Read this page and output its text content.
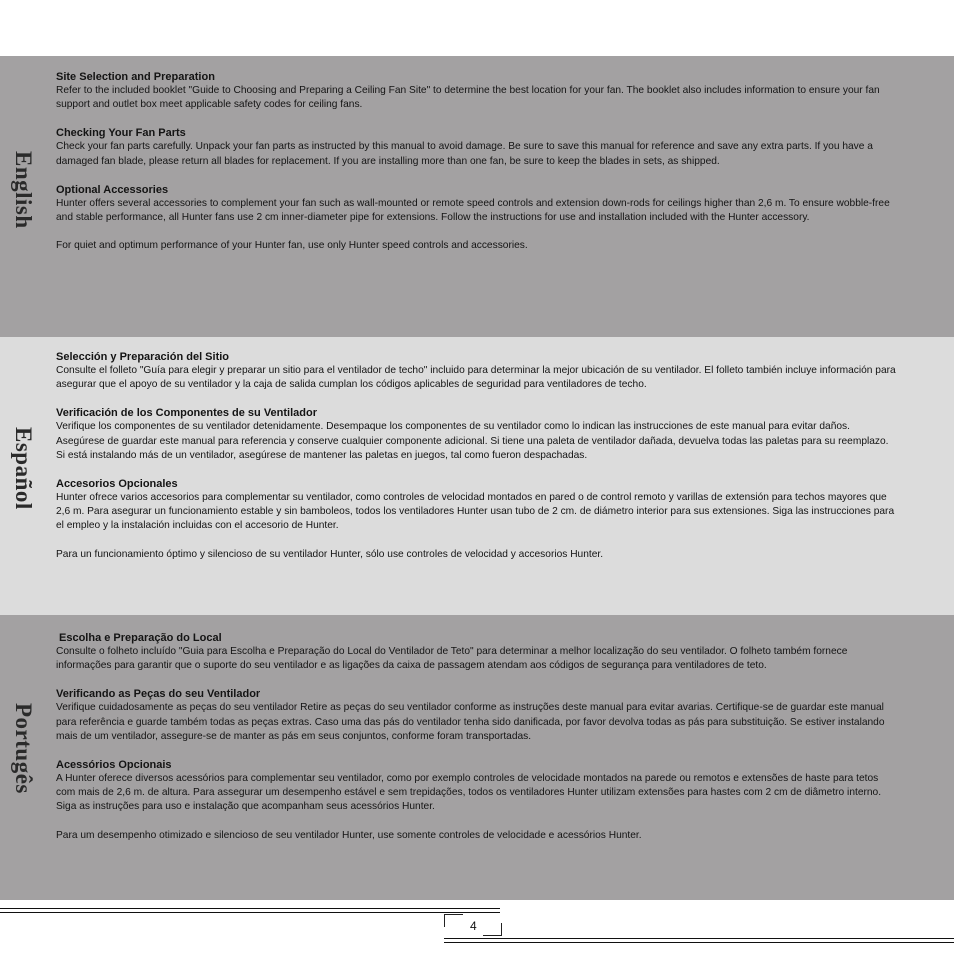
English

Site Selection and Preparation

Refer to the included booklet "Guide to Choosing and Preparing a Ceiling Fan Site" to determine the best location for your fan. The booklet also includes information to ensure your fan support and outlet box meet applicable safety codes for ceiling fans.

Checking Your Fan Parts

Check your fan parts carefully. Unpack your fan parts as instructed by this manual to avoid damage. Be sure to save this manual for reference and save any extra parts. If you have a damaged fan blade, please return all blades for replacement. If you are installing more than one fan, be sure to keep the blades in sets, as shipped.

Optional Accessories

Hunter offers several accessories to complement your fan such as wall-mounted or remote speed controls and extension down-rods for ceilings higher than 2,6 m. To ensure wobble-free and stable performance, all Hunter fans use 2 cm inner-diameter pipe for extensions. Follow the instructions for use and installation included with the Hunter accessory.

For quiet and optimum performance of your Hunter fan, use only Hunter speed controls and accessories.

Español

Selección y Preparación del Sitio

Consulte el folleto "Guía para elegir y preparar un sitio para el ventilador de techo" incluido para determinar la mejor ubicación de su ventilador. El folleto también incluye información para asegurar que el apoyo de su ventilador y la caja de salida cumplan los códigos aplicables de seguridad para ventiladores de techo.

Verificación de los Componentes de su Ventilador

Verifique los componentes de su ventilador detenidamente. Desempaque los componentes de su ventilador como lo indican las instrucciones de este manual para evitar daños. Asegúrese de guardar este manual para referencia y conserve cualquier componente adicional. Si tiene una paleta de ventilador dañada, devuelva todas las paletas para su reemplazo. Si está instalando más de un ventilador, asegúrese de mantener las paletas en juegos, tal como fueron despachadas.

Accesorios Opcionales

Hunter ofrece varios accesorios para complementar su ventilador, como controles de velocidad montados en pared o de control remoto y varillas de extensión para techos mayores que 2,6 m. Para asegurar un funcionamiento estable y sin bamboleos, todos los ventiladores Hunter usan tubo de 2 cm. de diámetro interior para sus extensiones. Siga las instrucciones para el empleo y la instalación incluidas con el accesorio de Hunter.

Para un funcionamiento óptimo y silencioso de su ventilador Hunter, sólo use controles de velocidad y accesorios Hunter.

Portugês

Escolha e Preparação do Local

Consulte o folheto incluído "Guia para Escolha e Preparação do Local do Ventilador de Teto" para determinar a melhor localização do seu ventilador. O folheto também fornece informações para garantir que o suporte do seu ventilador e as ligações da caixa de passagem atendam aos códigos de segurança para ventiladores de teto.

Verificando as Peças do seu Ventilador

Verifique cuidadosamente as peças do seu ventilador Retire as peças do seu ventilador conforme as instruções deste manual para evitar avarias. Certifique-se de guardar este manual para referência e guarde também todas as peças extras. Caso uma das pás do ventilador tenha sido danificada, por favor devolva todas as pás para substituição. Se estiver instalando mais de um ventilador, assegure-se de manter as pás em seus conjuntos, conforme foram transportadas.

Acessórios Opcionais

A Hunter oferece diversos acessórios para complementar seu ventilador, como por exemplo controles de velocidade montados na parede ou remotos e extensões de haste para tetos com mais de 2,6 m. de altura. Para assegurar um desempenho estável e sem trepidações, todos os ventiladores Hunter utilizam extensões para hastes com 2 cm de diâmetro interno. Siga as instruções para uso e instalação que acompanham seus acessórios Hunter.

Para um desempenho otimizado e silencioso de seu ventilador Hunter, use somente controles de velocidade e acessórios Hunter.

4
